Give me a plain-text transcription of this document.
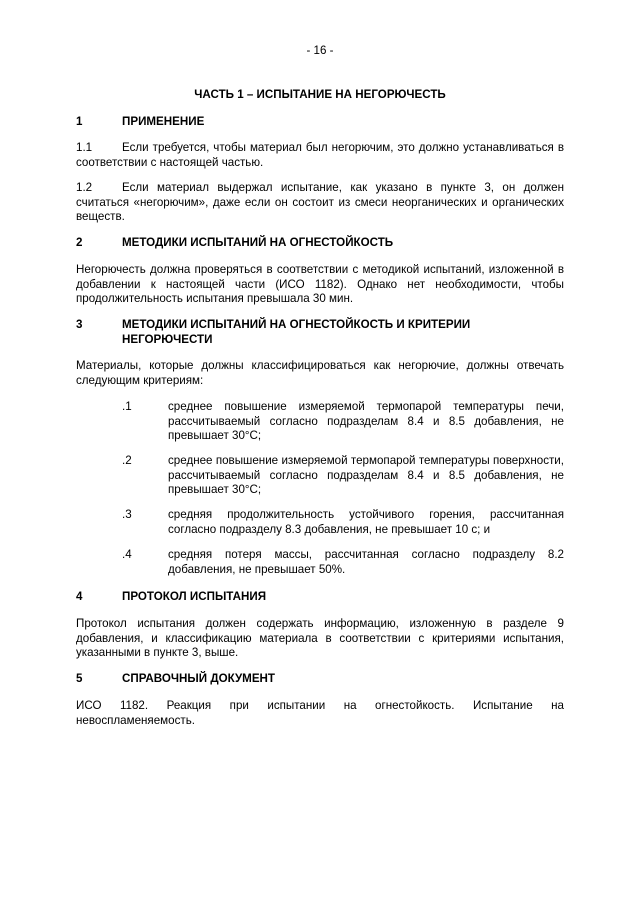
- 16 -
ЧАСТЬ 1 – ИСПЫТАНИЕ НА НЕГОРЮЧЕСТЬ
1	ПРИМЕНЕНИЕ
1.1	Если требуется, чтобы материал был негорючим, это должно устанавливаться в соответствии с настоящей частью.
1.2	Если материал выдержал испытание, как указано в пункте 3, он должен считаться «негорючим», даже если он состоит из смеси неорганических и органических веществ.
2	МЕТОДИКИ ИСПЫТАНИЙ НА ОГНЕСТОЙКОСТЬ
Негорючесть должна проверяться в соответствии с методикой испытаний, изложенной в добавлении к настоящей части (ИСО 1182). Однако нет необходимости, чтобы продолжительность испытания превышала 30 мин.
3	МЕТОДИКИ ИСПЫТАНИЙ НА ОГНЕСТОЙКОСТЬ И КРИТЕРИИ НЕГОРЮЧЕСТИ
Материалы, которые должны классифицироваться как негорючие, должны отвечать следующим критериям:
.1	среднее повышение измеряемой термопарой температуры печи, рассчитываемый согласно подразделам 8.4 и 8.5 добавления, не превышает 30°C;
.2	среднее повышение измеряемой термопарой температуры поверхности, рассчитываемый согласно подразделам 8.4 и 8.5 добавления, не превышает 30°C;
.3	средняя продолжительность устойчивого горения, рассчитанная согласно подразделу 8.3 добавления, не превышает 10 с; и
.4	средняя потеря массы, рассчитанная согласно подразделу 8.2 добавления, не превышает 50%.
4	ПРОТОКОЛ ИСПЫТАНИЯ
Протокол испытания должен содержать информацию, изложенную в разделе 9 добавления, и классификацию материала в соответствии с критериями испытания, указанными в пункте 3, выше.
5	СПРАВОЧНЫЙ ДОКУМЕНТ
ИСО 1182. Реакция при испытании на огнестойкость. Испытание на невоспламеняемость.
